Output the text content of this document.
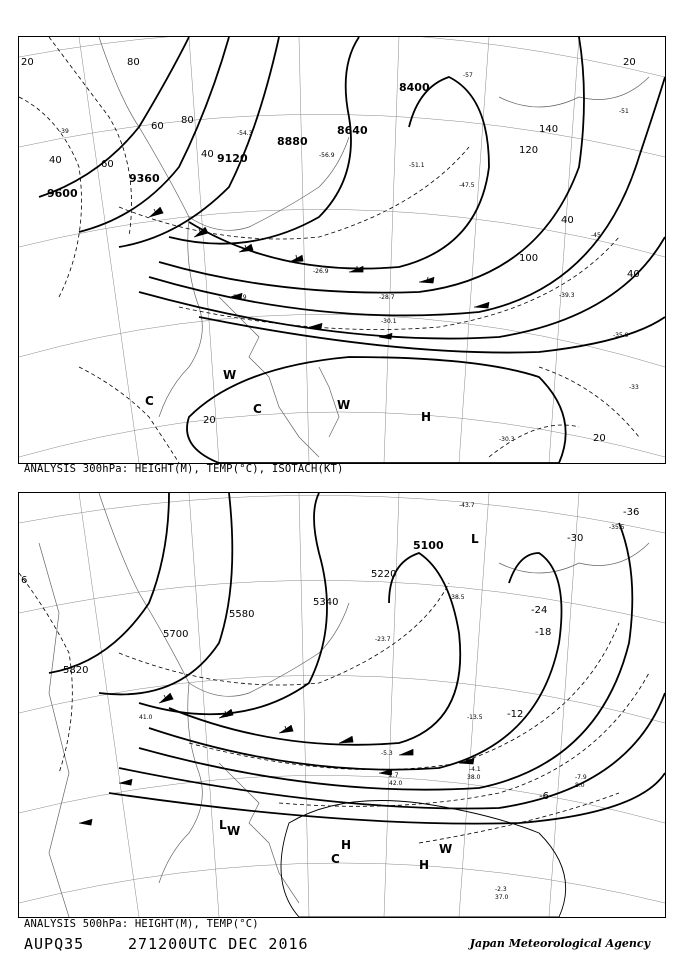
9600
9360
9120
8880
8640
8400
20
40	60
80
120
140
100
40
40
20
20
40
60
80
20
-39
-45
-51
-57
-30.1
-28.7
-26.9
-25.9
-30.3
-54.3
-56.9
-51.1
-47.5
-39.3
-35.9
-33
H
W
W
C
C
ANALYSIS 300hPa: HEIGHT(M), TEMP(°C), ISOTACH(KT)
5820
5700
5580
5340
5220
5100
-6
-12
-18
-24
-30
-36
6
-4.1
-7.9
-2.3
-5.3
2.7
-13.5
-23.7
-38.5
-43.7
-35.5
41.0
38.0
42.0
37.0
8.0
H
H
C
L
L
W
W
ANALYSIS 500hPa: HEIGHT(M), TEMP(°C)
AUPQ35	271200UTC DEC 2016	Japan Meteorological Agency
